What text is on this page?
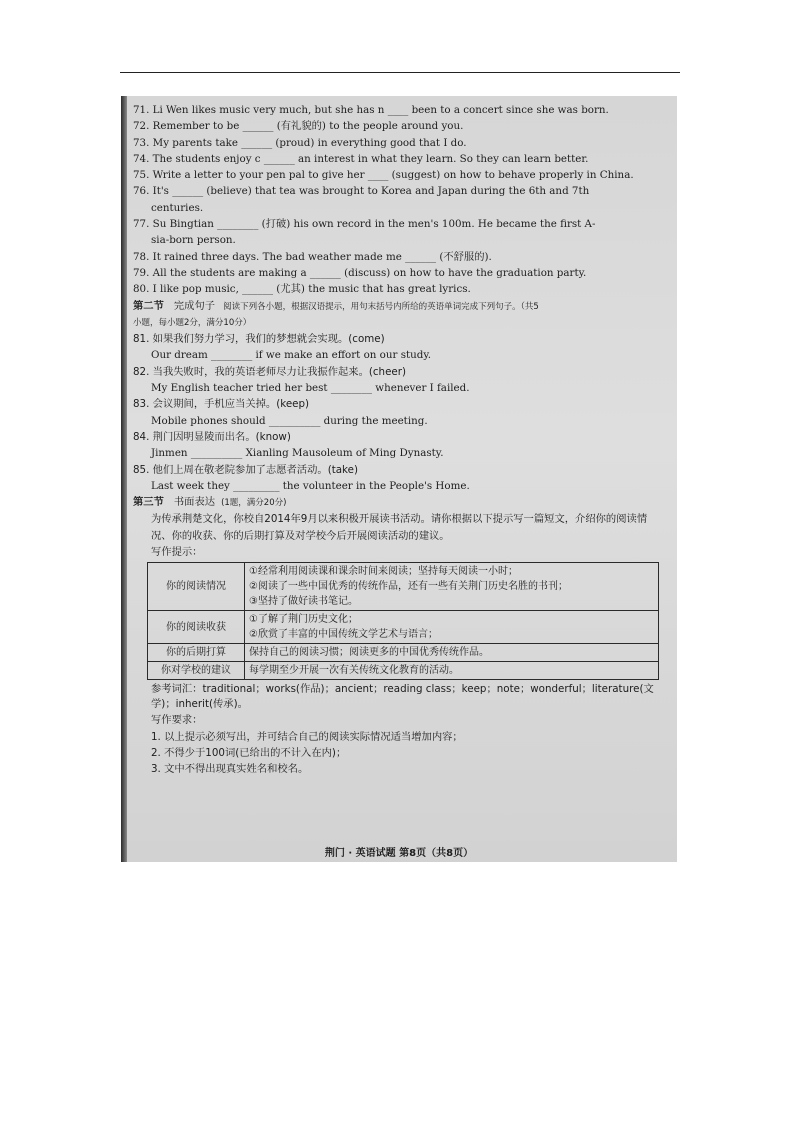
71. Li Wen likes music very much, but she has n ____ been to a concert since she was born.
72. Remember to be ______ (有礼貌的) to the people around you.
73. My parents take ______ (proud) in everything good that I do.
74. The students enjoy c ______ an interest in what they learn. So they can learn better.
75. Write a letter to your pen pal to give her ____ (suggest) on how to behave properly in China.
76. It's ______ (believe) that tea was brought to Korea and Japan during the 6th and 7th
centuries.
77. Su Bingtian ________ (打破) his own record in the men's 100m. He became the first A-
sia-born person.
78. It rained three days. The bad weather made me ______ (不舒服的).
79. All the students are making a ______ (discuss) on how to have the graduation party.
80. I like pop music, ______ (尤其) the music that has great lyrics.
第二节 完成句子 阅读下列各小题，根据汉语提示，用句末括号内所给的英语单词完成下列句子。（共5
小题，每小题2分，满分10分）
81. 如果我们努力学习，我们的梦想就会实现。(come)
Our dream ________ if we make an effort on our study.
82. 当我失败时，我的英语老师尽力让我振作起来。(cheer)
My English teacher tried her best ________ whenever I failed.
83. 会议期间，手机应当关掉。(keep)
Mobile phones should __________ during the meeting.
84. 荆门因明显陵而出名。(know)
Jinmen __________ Xianling Mausoleum of Ming Dynasty.
85. 他们上周在敬老院参加了志愿者活动。(take)
Last week they _________ the volunteer in the People's Home.
第三节 书面表达 (1题，满分20分)
为传承荆楚文化，你校自2014年9月以来积极开展读书活动。请你根据以下提示写一篇短文，介绍你的阅读情况、你的收获、你的后期打算及对学校今后开展阅读活动的建议。
写作提示：
你的阅读情况	①经常利用阅读课和课余时间来阅读；坚持每天阅读一小时；
②阅读了一些中国优秀的传统作品，还有一些有关荆门历史名胜的书刊；
③坚持了做好读书笔记。

你的阅读收获	①了解了荆门历史文化；
②欣赏了丰富的中国传统文学艺术与语言；

你的后期打算	保持自己的阅读习惯；阅读更多的中国优秀传统作品。
你对学校的建议	每学期至少开展一次有关传统文化教育的活动。
参考词汇：traditional；works(作品)；ancient；reading class；keep；note；wonderful；literature(文学)；inherit(传承)。
写作要求：
1. 以上提示必须写出，并可结合自己的阅读实际情况适当增加内容；
2. 不得少于100词(已给出的不计入在内)；
3. 文中不得出现真实姓名和校名。
荆门 · 英语试题 第8页（共8页）
